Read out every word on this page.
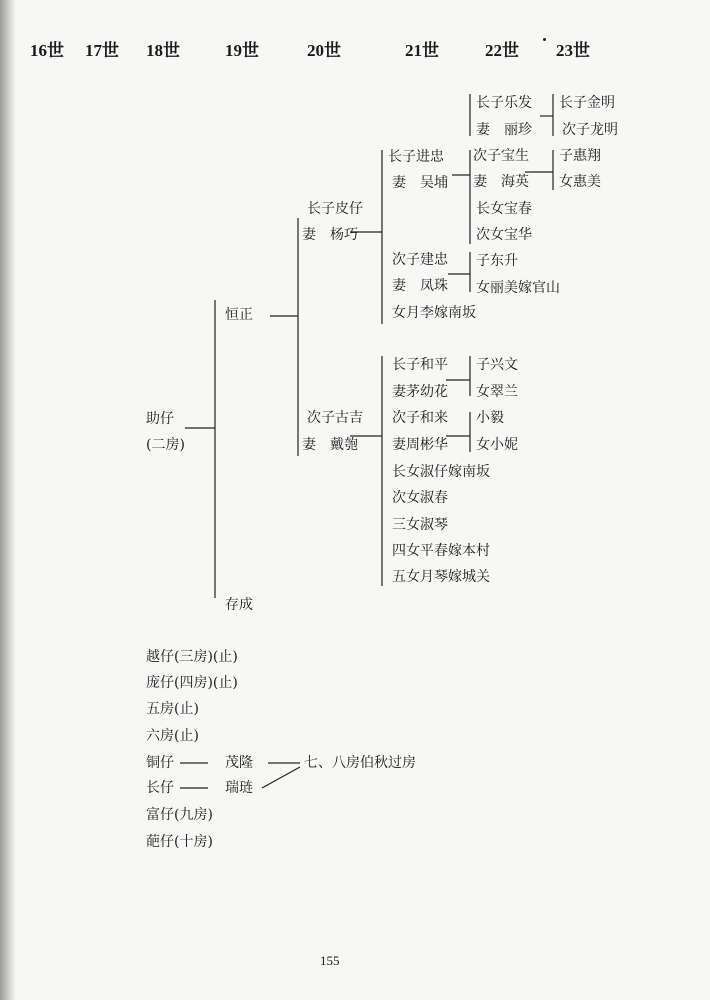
16世 17世 18世	19世	20世	21世	22世 23世
助仔
(二房)
恒正
存成
长子皮仔
妻　杨巧
次子古吉
妻　戴匏
长子进忠
妻　吴埔
次子建忠
妻　凤珠
女月李嫁南坂
长子和平
妻茅幼花
次子和来
妻周彬华
长女淑仔嫁南坂
次女淑春
三女淑琴
四女平春嫁本村
五女月琴嫁城关
长子乐发
妻　丽珍
次子宝生
妻　海英
长女宝春
次女宝华
子东升
女丽美嫁官山
子兴文
女翠兰
小毅
女小妮
长子金明
次子龙明
子惠翔
女惠美
越仔(三房)(止)
庞仔(四房)(止)
五房(止)
六房(止)
铜仔	茂隆	七、八房伯秋过房
长仔	瑞琏
富仔(九房)
葩仔(十房)
155
